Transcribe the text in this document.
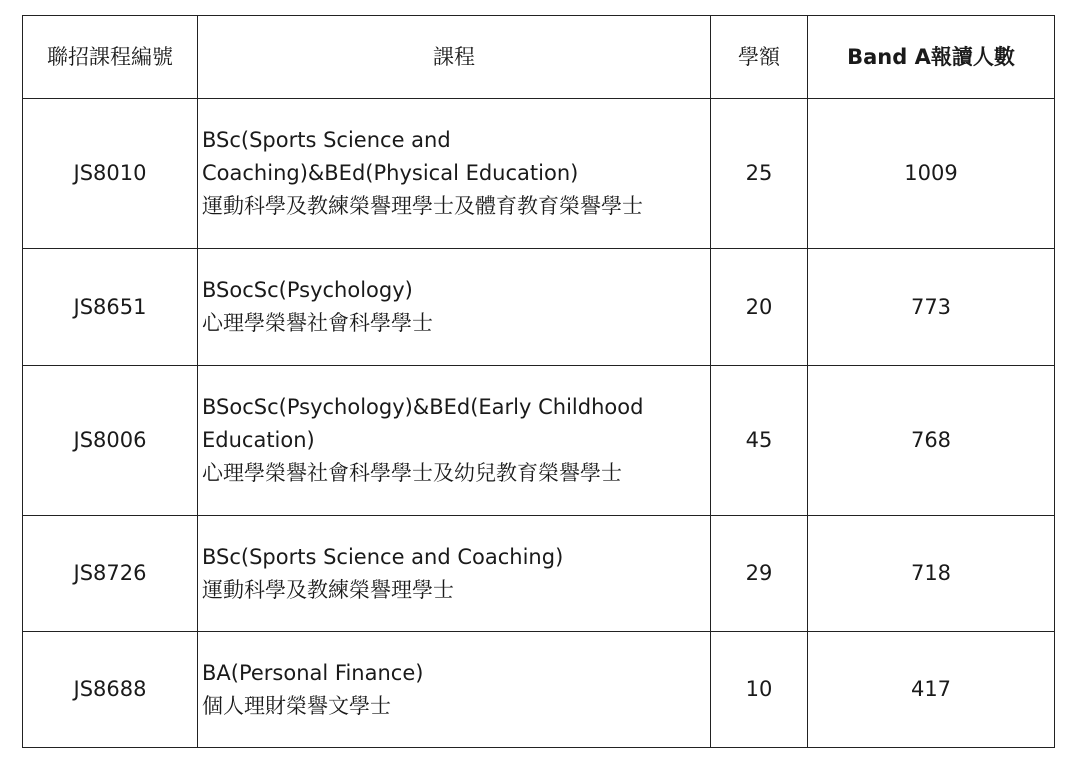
聯招課程編號	課程	學額	Band A報讀人數
JS8010	BSc(Sports Science and
Coaching)&BEd(Physical Education)
運動科學及教練榮譽理學士及體育教育榮譽學士	25	1009
JS8651	BSocSc(Psychology)
心理學榮譽社會科學學士	20	773
JS8006	BSocSc(Psychology)&BEd(Early Childhood
Education)
心理學榮譽社會科學學士及幼兒教育榮譽學士	45	768
JS8726	BSc(Sports Science and Coaching)
運動科學及教練榮譽理學士	29	718
JS8688	BA(Personal Finance)
個人理財榮譽文學士	10	417
